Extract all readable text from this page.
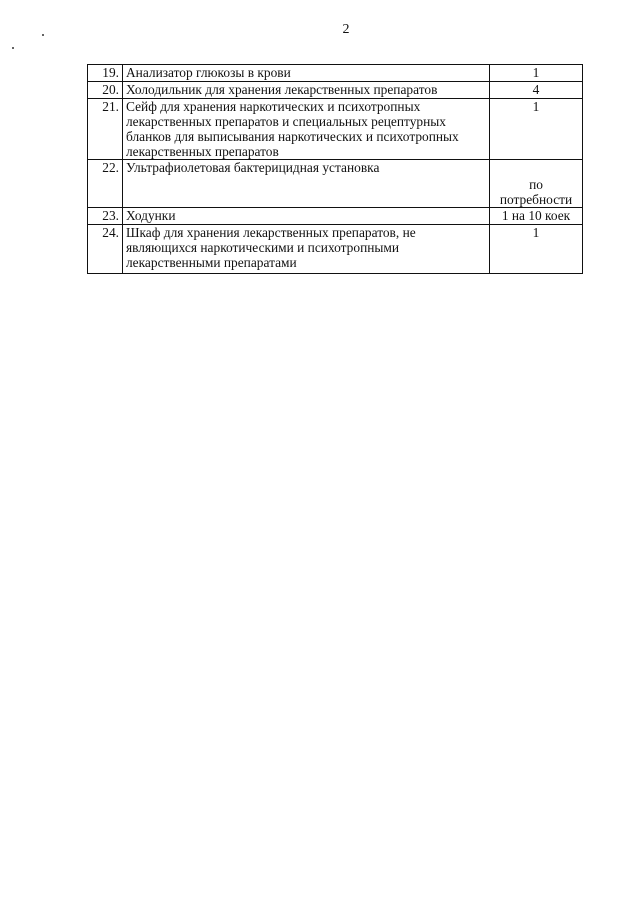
2
19.	Анализатор глюкозы в крови	1
20.	Холодильник для хранения лекарственных препаратов	4
21.	Сейф для хранения наркотических и психотропных лекарственных препаратов и специальных рецептурных бланков для выписывания наркотических и психотропных лекарственных препаратов	1
22.	Ультрафиолетовая бактерицидная установка	по потребности
23.	Ходунки	1 на 10 коек
24.	Шкаф для хранения лекарственных препаратов, не являющихся наркотическими и психотропными лекарственными препаратами	1
